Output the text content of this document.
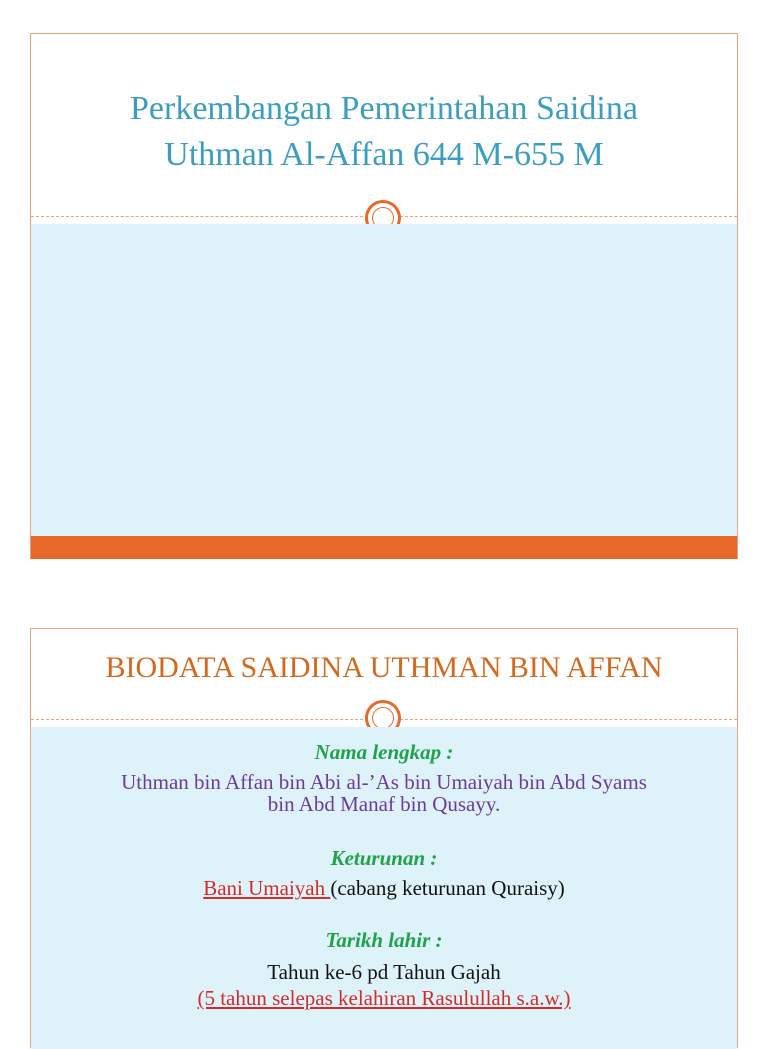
Perkembangan Pemerintahan Saidina
Uthman Al-Affan 644 M-655 M
BIODATA SAIDINA UTHMAN BIN AFFAN
Nama lengkap :
Uthman bin Affan bin Abi al-’As bin Umaiyah bin Abd Syams
bin Abd Manaf bin Qusayy.
Keturunan :
Bani Umaiyah (cabang keturunan Quraisy)
Tarikh lahir :
Tahun ke-6 pd Tahun Gajah
(5 tahun selepas kelahiran Rasulullah s.a.w.)
